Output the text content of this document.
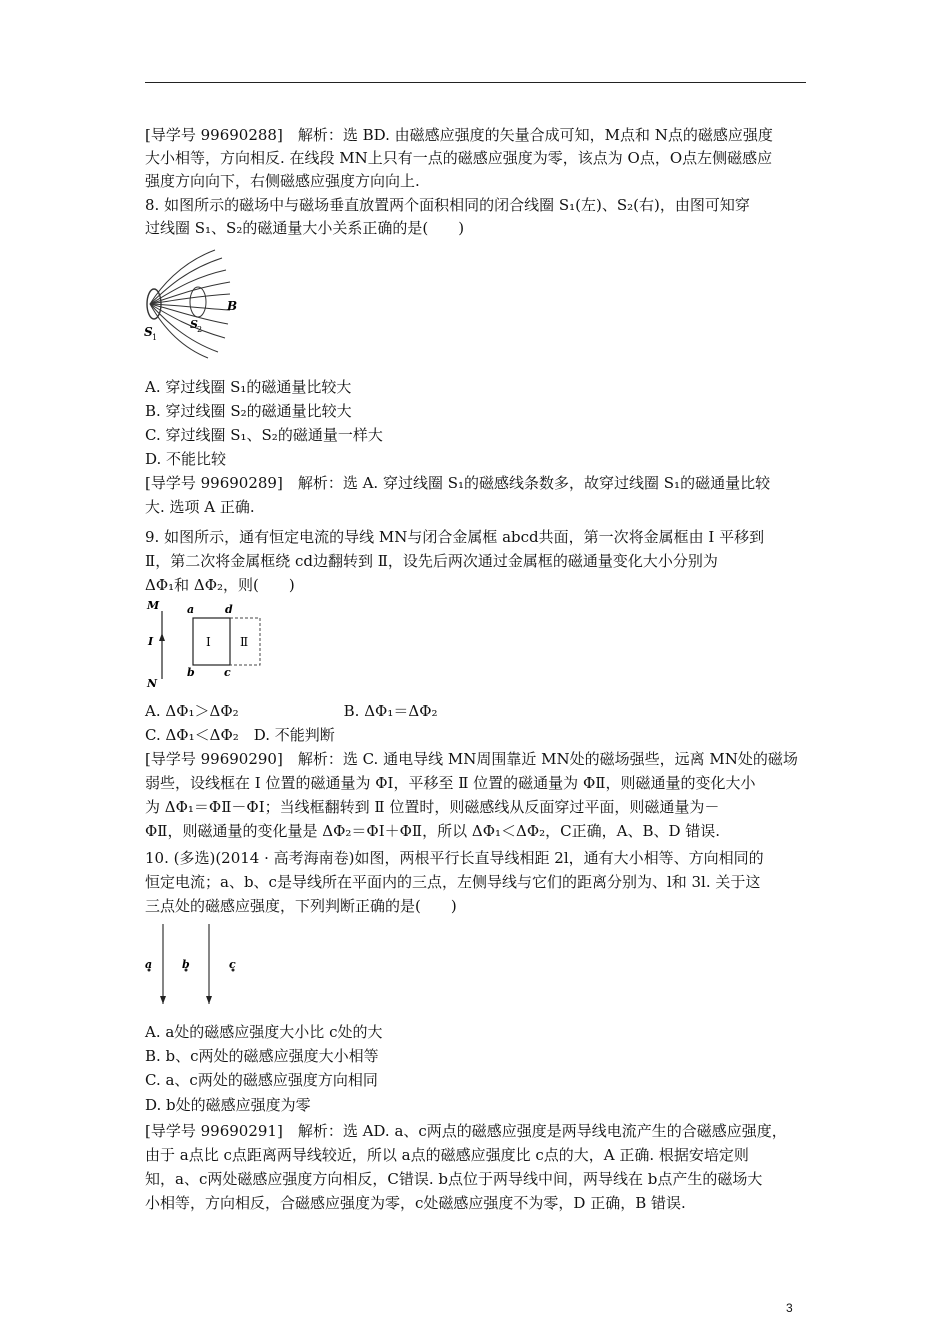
[导学号 99690288]　解析：选 BD. 由磁感应强度的矢量合成可知，M点和 N点的磁感应强度
大小相等，方向相反. 在线段 MN上只有一点的磁感应强度为零，该点为 O点，O点左侧磁感应
强度方向向下，右侧磁感应强度方向向上.
8. 如图所示的磁场中与磁场垂直放置两个面积相同的闭合线圈 S₁(左)、S₂(右)，由图可知穿
过线圈 S₁、S₂的磁通量大小关系正确的是(　　)
S 1
S 2
B
A. 穿过线圈 S₁的磁通量比较大
B. 穿过线圈 S₂的磁通量比较大
C. 穿过线圈 S₁、S₂的磁通量一样大
D. 不能比较
[导学号 99690289]　解析：选 A. 穿过线圈 S₁的磁感线条数多，故穿过线圈 S₁的磁通量比较
大. 选项 A 正确.
9. 如图所示，通有恒定电流的导线 MN与闭合金属框 abcd共面，第一次将金属框由 Ⅰ 平移到
Ⅱ，第二次将金属框绕 cd边翻转到 Ⅱ，设先后两次通过金属框的磁通量变化大小分别为
ΔΦ₁和 ΔΦ₂，则(　　)
M
N
I
a	d
b	c
Ⅰ Ⅱ
A. ΔΦ₁＞ΔΦ₂　　　　　　　B. ΔΦ₁＝ΔΦ₂
C. ΔΦ₁＜ΔΦ₂　D. 不能判断
[导学号 99690290]　解析：选 C. 通电导线 MN周围靠近 MN处的磁场强些，远离 MN处的磁场
弱些，设线框在 Ⅰ 位置的磁通量为 ΦⅠ，平移至 Ⅱ 位置的磁通量为 ΦⅡ，则磁通量的变化大小
为 ΔΦ₁＝ΦⅡ－ΦⅠ；当线框翻转到 Ⅱ 位置时，则磁感线从反面穿过平面，则磁通量为－
ΦⅡ，则磁通量的变化量是 ΔΦ₂＝ΦⅠ＋ΦⅡ，所以 ΔΦ₁＜ΔΦ₂，C正确，A、B、D 错误.
10. (多选)(2014 · 高考海南卷)如图，两根平行长直导线相距 2l，通有大小相等、方向相同的
恒定电流；a、b、c是导线所在平面内的三点，左侧导线与它们的距离分别为、l和 3l. 关于这
三点处的磁感应强度，下列判断正确的是(　　)
a	b	c
A. a处的磁感应强度大小比 c处的大
B. b、c两处的磁感应强度大小相等
C. a、c两处的磁感应强度方向相同
D. b处的磁感应强度为零
[导学号 99690291]　解析：选 AD. a、c两点的磁感应强度是两导线电流产生的合磁感应强度，
由于 a点比 c点距离两导线较近，所以 a点的磁感应强度比 c点的大，A 正确. 根据安培定则
知，a、c两处磁感应强度方向相反，C错误. b点位于两导线中间，两导线在 b点产生的磁场大
小相等，方向相反，合磁感应强度为零，c处磁感应强度不为零，D 正确，B 错误.
3
